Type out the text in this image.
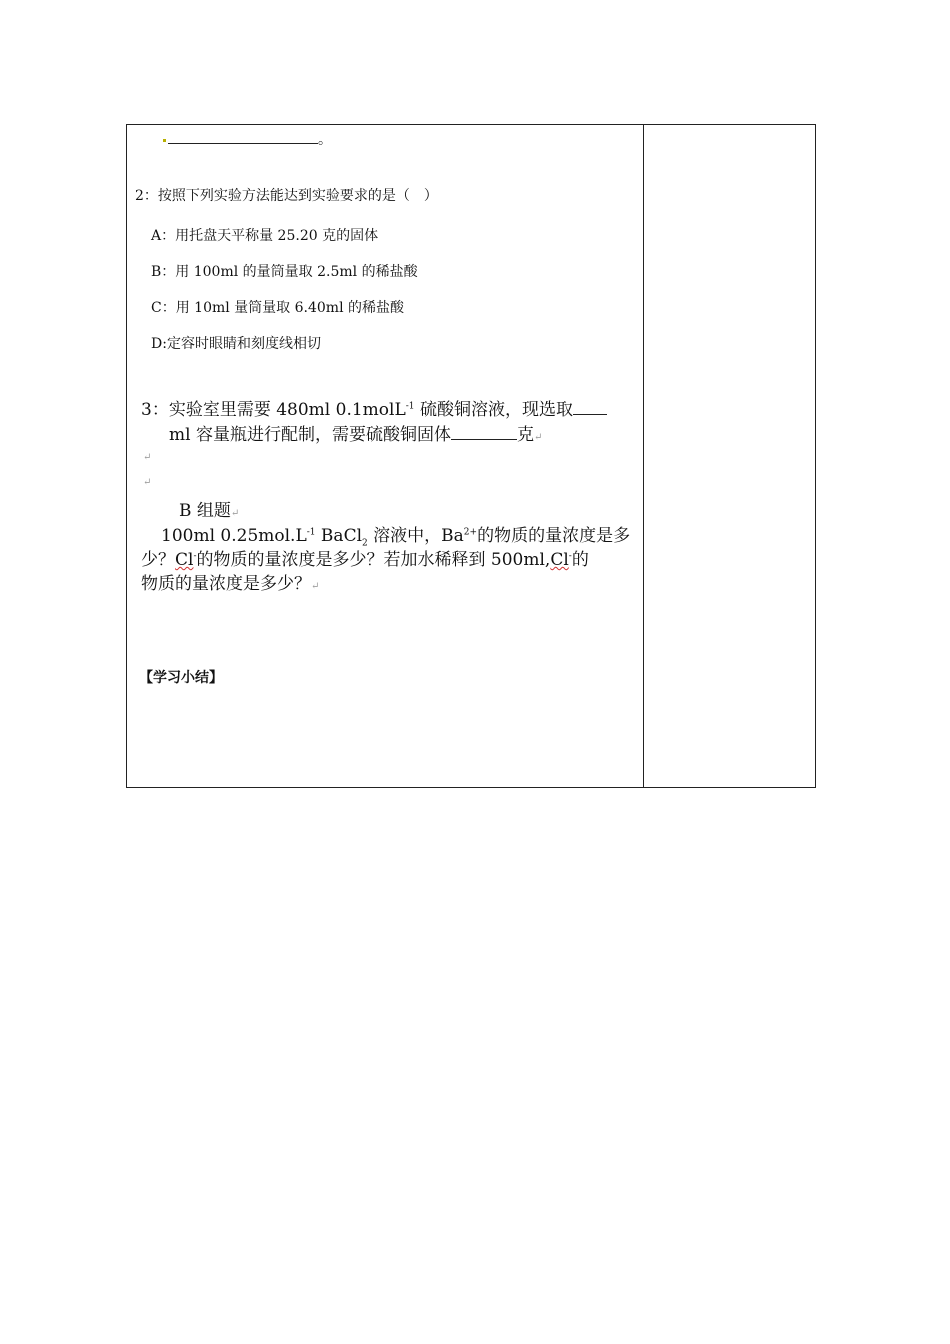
。
2：按照下列实验方法能达到实验要求的是（　）
A：用托盘天平称量 25.20 克的固体
B：用 100ml 的量筒量取 2.5ml 的稀盐酸
C：用 10ml 量筒量取 6.40ml 的稀盐酸
D:定容时眼睛和刻度线相切
3：实验室里需要 480ml 0.1molL$^{-1}$ 硫酸铜溶液，现选取
ml 容量瓶进行配制，需要硫酸铜固体	克↵
↵
↵
B 组题↵
100ml $0.25mol.L^{-1}$ BaCl$_2$ 溶液中，$Ba^{2+}$的物质的量浓度是多
少？Cl-的物质的量浓度是多少？若加水稀释到 500ml,Cl-的
物质的量浓度是多少？↵
【学习小结】
